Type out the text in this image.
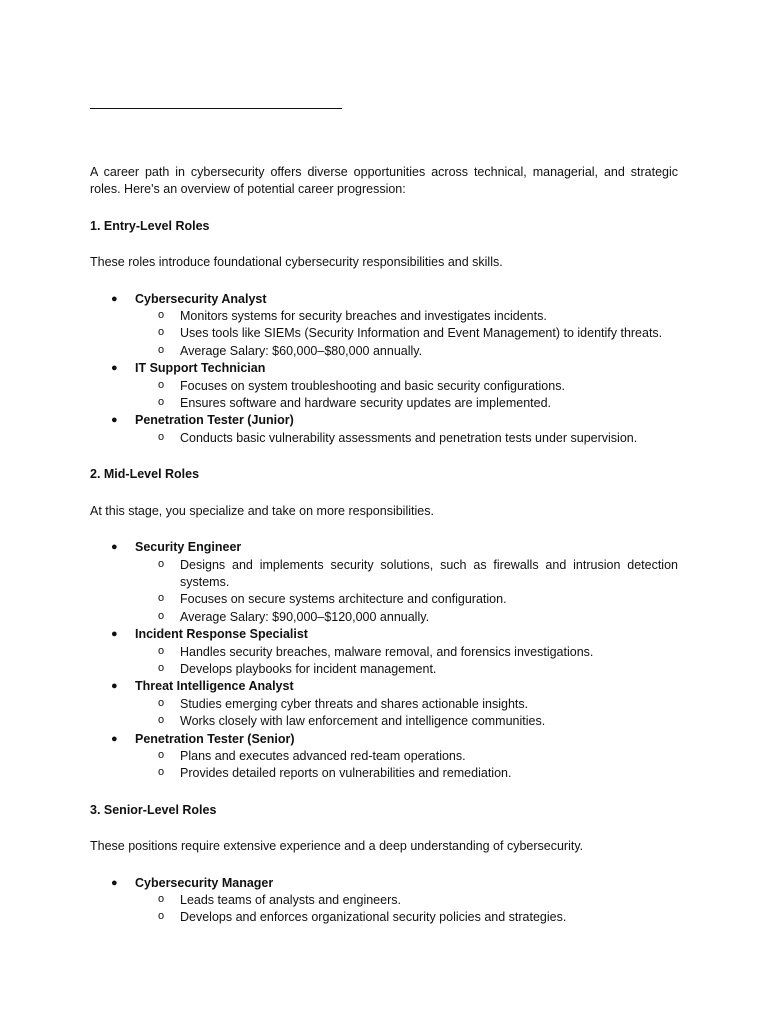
A career path in cybersecurity offers diverse opportunities across technical, managerial, and strategic roles. Here's an overview of potential career progression:

1. Entry-Level Roles

These roles introduce foundational cybersecurity responsibilities and skills.

● Cybersecurity Analyst
o Monitors systems for security breaches and investigates incidents.
o Uses tools like SIEMs (Security Information and Event Management) to identify threats.
o Average Salary: $60,000–$80,000 annually.
● IT Support Technician
o Focuses on system troubleshooting and basic security configurations.
o Ensures software and hardware security updates are implemented.
● Penetration Tester (Junior)
o Conducts basic vulnerability assessments and penetration tests under supervision.

2. Mid-Level Roles

At this stage, you specialize and take on more responsibilities.

● Security Engineer
o Designs and implements security solutions, such as firewalls and intrusion detection systems.
o Focuses on secure systems architecture and configuration.
o Average Salary: $90,000–$120,000 annually.
● Incident Response Specialist
o Handles security breaches, malware removal, and forensics investigations.
o Develops playbooks for incident management.
● Threat Intelligence Analyst
o Studies emerging cyber threats and shares actionable insights.
o Works closely with law enforcement and intelligence communities.
● Penetration Tester (Senior)
o Plans and executes advanced red-team operations.
o Provides detailed reports on vulnerabilities and remediation.

3. Senior-Level Roles

These positions require extensive experience and a deep understanding of cybersecurity.

● Cybersecurity Manager
o Leads teams of analysts and engineers.
o Develops and enforces organizational security policies and strategies.
